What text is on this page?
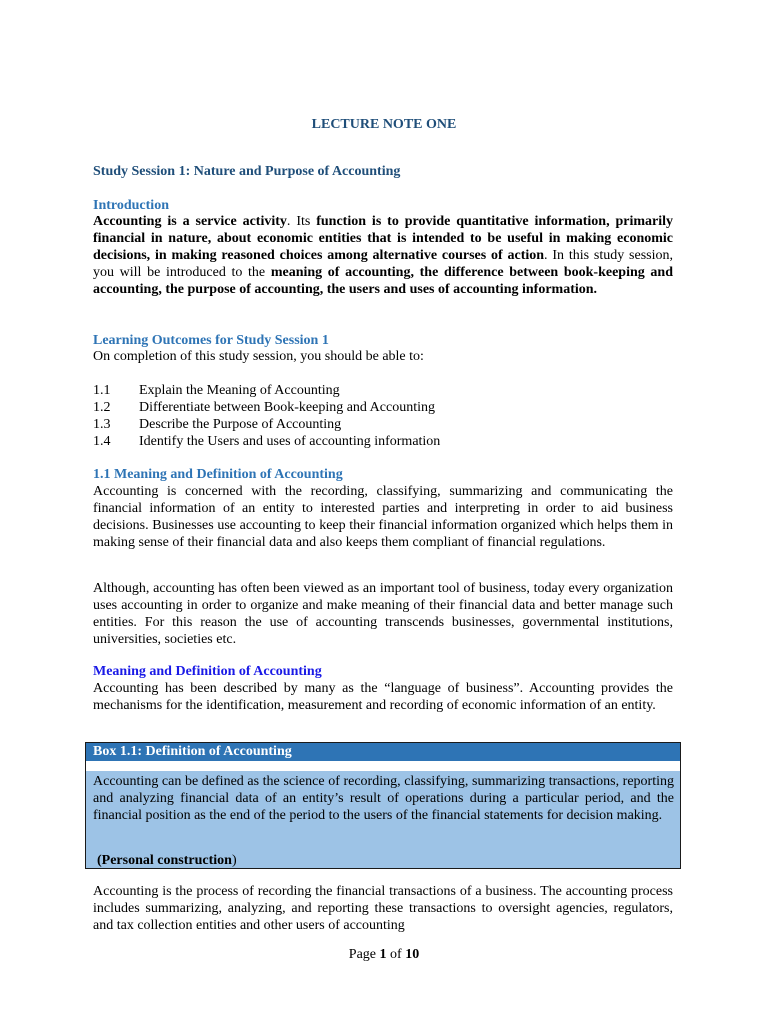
LECTURE NOTE ONE
Study Session 1: Nature and Purpose of Accounting
Introduction
Accounting is a service activity. Its function is to provide quantitative information, primarily financial in nature, about economic entities that is intended to be useful in making economic decisions, in making reasoned choices among alternative courses of action. In this study session, you will be introduced to the meaning of accounting, the difference between book-keeping and accounting, the purpose of accounting, the users and uses of accounting information.
Learning Outcomes for Study Session 1
On completion of this study session, you should be able to:
1.1 Explain the Meaning of Accounting
1.2 Differentiate between Book-keeping and Accounting
1.3 Describe the Purpose of Accounting
1.4 Identify the Users and uses of accounting information
1.1 Meaning and Definition of Accounting
Accounting is concerned with the recording, classifying, summarizing and communicating the financial information of an entity to interested parties and interpreting in order to aid business decisions. Businesses use accounting to keep their financial information organized which helps them in making sense of their financial data and also keeps them compliant of financial regulations.
Although, accounting has often been viewed as an important tool of business, today every organization uses accounting in order to organize and make meaning of their financial data and better manage such entities. For this reason the use of accounting transcends businesses, governmental institutions, universities, societies etc.
Meaning and Definition of Accounting
Accounting has been described by many as the “language of business”. Accounting provides the mechanisms for the identification, measurement and recording of economic information of an entity.
Box 1.1: Definition of Accounting
Accounting can be defined as the science of recording, classifying, summarizing transactions, reporting and analyzing financial data of an entity’s result of operations during a particular period, and the financial position as the end of the period to the users of the financial statements for decision making.
(Personal construction)
Accounting is the process of recording the financial transactions of a business. The accounting process includes summarizing, analyzing, and reporting these transactions to oversight agencies, regulators, and tax collection entities and other users of accounting
Page 1 of 10
